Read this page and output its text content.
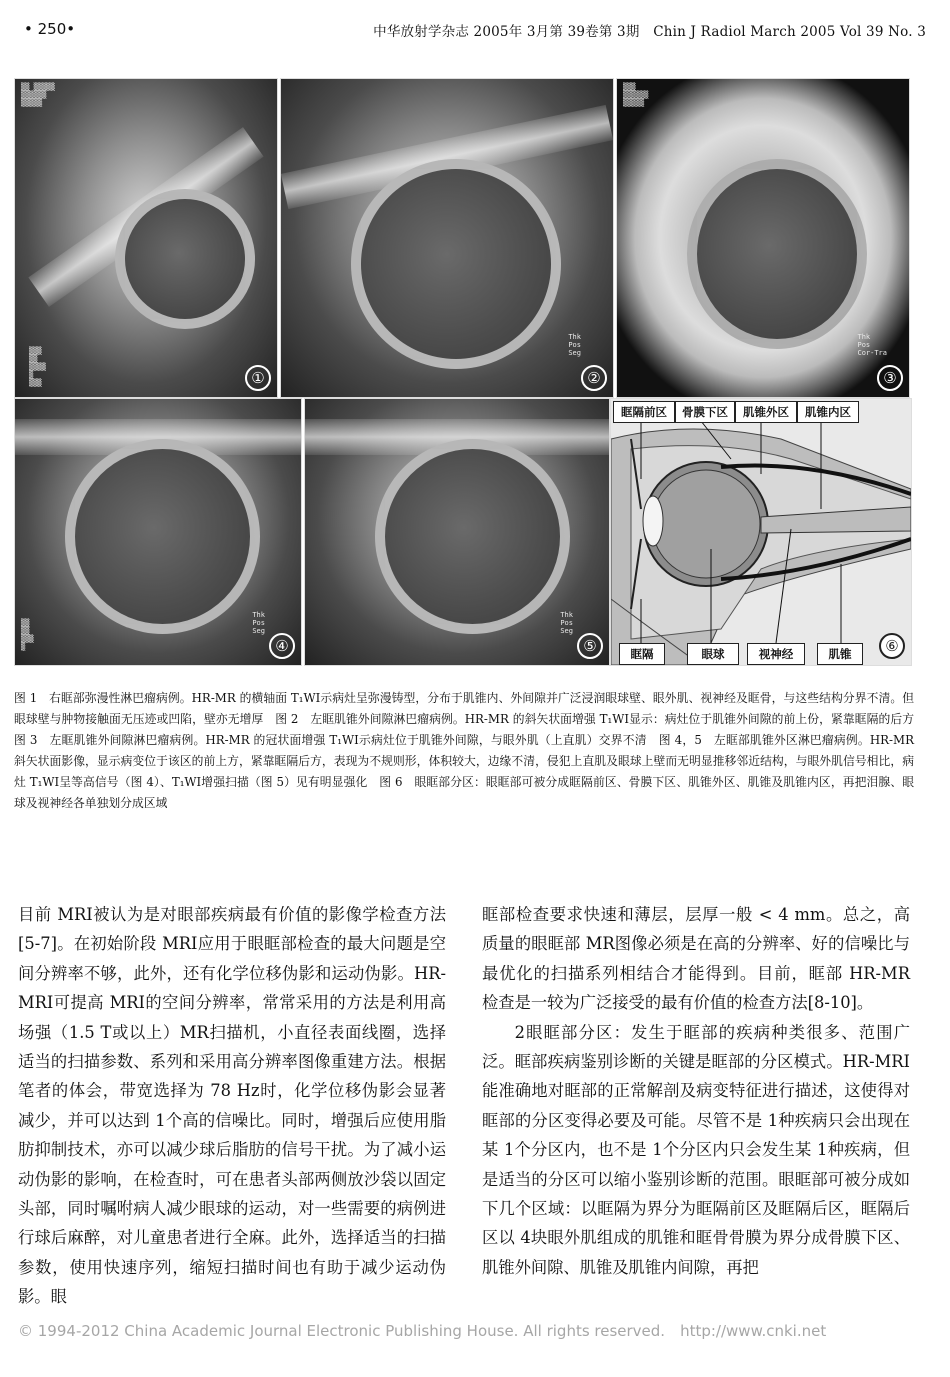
• 250•	中华放射学杂志 2005年 3月第 39卷第 3期　Chin J Radiol March 2005 Vol 39 No. 3
▒▒ ▒▒▒▒▒
▒▒▒▒▒▒
▒▒▒▒▒
▒▒▒
▒▒
▒▒▒▒
▒
▒▒▒	①
Thk
Pos
Seg
②
▒▒▒
▒▒▒▒▒▒
▒▒▒▒▒
Thk
Pos
Cor-Tra
③
▒▒
▒▒
▒▒▒
▒
Thk
Pos
Seg
④
Thk
Pos
Seg
⑤
眶隔前区	骨膜下区	肌锥外区	肌锥内区
眶隔	眼球	视神经	肌锥	⑥
图 1　右眶部弥漫性淋巴瘤病例。HR-MR 的横轴面 T₁WI示病灶呈弥漫铸型，分布于肌锥内、外间隙并广泛浸润眼球壁、眼外肌、视神经及眶骨，与这些结构分界不清。但眼球壁与肿物接触面无压迹或凹陷，壁亦无增厚　图 2　左眶肌锥外间隙淋巴瘤病例。HR-MR 的斜矢状面增强 T₁WI显示：病灶位于肌锥外间隙的前上份，紧靠眶隔的后方　图 3　左眶肌锥外间隙淋巴瘤病例。HR-MR 的冠状面增强 T₁WI示病灶位于肌锥外间隙，与眼外肌（上直肌）交界不清　图 4，5　左眶部肌锥外区淋巴瘤病例。HR-MR 斜矢状面影像，显示病变位于该区的前上方，紧靠眶隔后方，表现为不规则形，体积较大，边缘不清，侵犯上直肌及眼球上壁而无明显推移邻近结构，与眼外肌信号相比，病灶 T₁WI呈等高信号（图 4）、T₁WI增强扫描（图 5）见有明显强化　图 6　眼眶部分区：眼眶部可被分成眶隔前区、骨膜下区、肌锥外区、肌锥及肌锥内区，再把泪腺、眼球及视神经各单独划分成区域
目前 MRI被认为是对眼部疾病最有价值的影像学检查方法[5-7]。在初始阶段 MRI应用于眼眶部检查的最大问题是空间分辨率不够，此外，还有化学位移伪影和运动伪影。HR-MRI可提高 MRI的空间分辨率，常常采用的方法是利用高场强（1.5 T或以上）MR扫描机，小直径表面线圈，选择适当的扫描参数、系列和采用高分辨率图像重建方法。根据笔者的体会，带宽选择为 78 Hz时，化学位移伪影会显著减少，并可以达到 1个高的信噪比。同时，增强后应使用脂肪抑制技术，亦可以减少球后脂肪的信号干扰。为了减小运动伪影的影响，在检查时，可在患者头部两侧放沙袋以固定头部，同时嘱咐病人减少眼球的运动，对一些需要的病例进行球后麻醉，对儿童患者进行全麻。此外，选择适当的扫描参数，使用快速序列，缩短扫描时间也有助于减少运动伪影。眼
眶部检查要求快速和薄层，层厚一般 < 4 mm。总之，高质量的眼眶部 MR图像必须是在高的分辨率、好的信噪比与最优化的扫描系列相结合才能得到。目前，眶部 HR-MR 检查是一较为广泛接受的最有价值的检查方法[8-10]。
2眼眶部分区：发生于眶部的疾病种类很多、范围广泛。眶部疾病鉴别诊断的关键是眶部的分区模式。HR-MRI能准确地对眶部的正常解剖及病变特征进行描述，这使得对眶部的分区变得必要及可能。尽管不是 1种疾病只会出现在某 1个分区内，也不是 1个分区内只会发生某 1种疾病，但是适当的分区可以缩小鉴别诊断的范围。眼眶部可被分成如下几个区域：以眶隔为界分为眶隔前区及眶隔后区，眶隔后区以 4块眼外肌组成的肌锥和眶骨骨膜为界分成骨膜下区、肌锥外间隙、肌锥及肌锥内间隙，再把
© 1994-2012 China Academic Journal Electronic Publishing House. All rights reserved.　http://www.cnki.net
